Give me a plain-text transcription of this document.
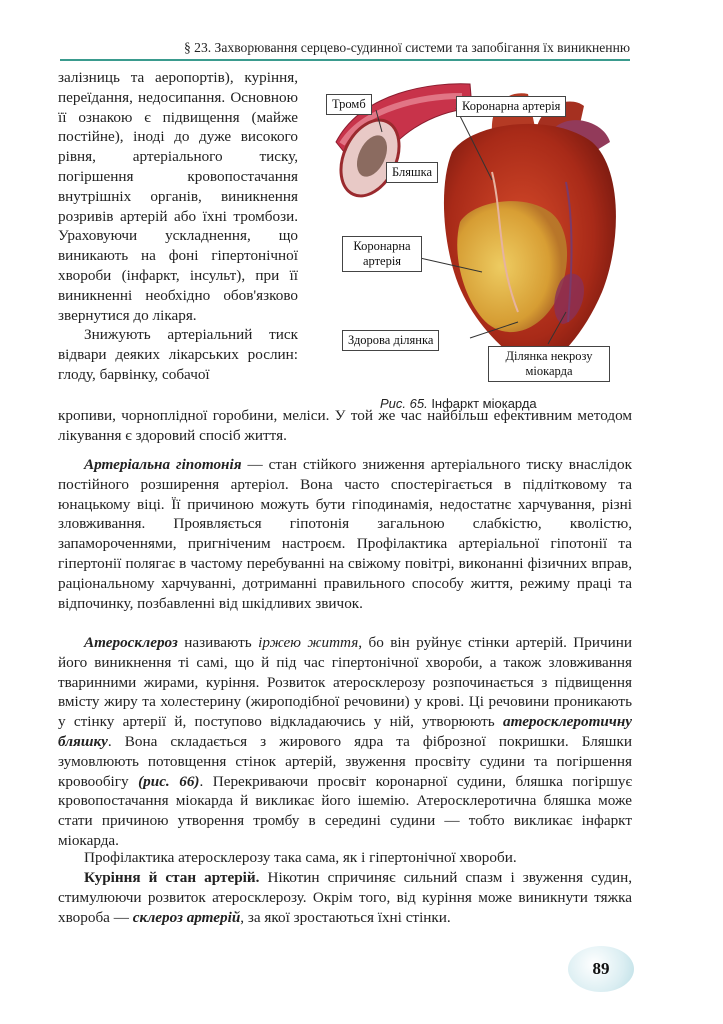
§ 23. Захворювання серцево-судинної системи та запобігання їх виникненню

залізниць та аеропортів), куріння, переїдання, недосипання. Основною її ознакою є підвищення (майже постійне), іноді до дуже високого рівня, артеріального тиску, погіршення кровопостачання внутрішніх органів, виникнення розривів артерій або їхні тромбози. Ураховуючи ускладнення, що виникають на фоні гіпертонічної хвороби (інфаркт, інсульт), при її виникненні необхідно обов'язково звернутися до лікаря.

Знижують артеріальний тиск відвари деяких лікарських рослин: глоду, барвінку, собачої

Тромб	Коронарна артерія
Бляшка
Коронарна артерія
Здорова ділянка
Ділянка некрозу міокарда
Рис. 65. Інфаркт міокарда

кропиви, чорноплідної горобини, меліси. У той же час найбільш ефективним методом лікування є здоровий спосіб життя.

Артеріальна гіпотонія — стан стійкого зниження артеріального тиску внаслідок постійного розширення артеріол. Вона часто спостерігається в підлітковому та юнацькому віці. Її причиною можуть бути гіподинамія, недостатнє харчування, різні зловживання. Проявляється гіпотонія загальною слабкістю, кволістю, запамороченнями, пригніченим настроєм. Профілактика артеріальної гіпотонії та гіпертонії полягає в частому перебуванні на свіжому повітрі, виконанні фізичних вправ, раціональному харчуванні, дотриманні правильного способу життя, режиму праці та відпочинку, позбавленні від шкідливих звичок.

Атеросклероз називають іржею життя, бо він руйнує стінки артерій. Причини його виникнення ті самі, що й під час гіпертонічної хвороби, а також зловживання тваринними жирами, куріння. Розвиток атеросклерозу розпочинається з підвищення вмісту жиру та холестерину (жироподібної речовини) у крові. Ці речовини проникають у стінку артерії й, поступово відкладаючись у ній, утворюють атеросклеротичну бляшку. Вона складається з жирового ядра та фіброзної покришки. Бляшки зумовлюють потовщення стінок артерій, звуження просвіту судини та погіршення кровообігу (рис. 66). Перекриваючи просвіт коронарної судини, бляшка погіршує кровопостачання міокарда й викликає його ішемію. Атеросклеротична бляшка може стати причиною утворення тромбу в середині судини — тобто викликає інфаркт міокарда.

Профілактика атеросклерозу така сама, як і гіпертонічної хвороби.

Куріння й стан артерій. Нікотин спричиняє сильний спазм і звуження судин, стимулюючи розвиток атеросклерозу. Окрім того, від куріння може виникнути тяжка хвороба — склероз артерій, за якої зростаються їхні стінки.

89
